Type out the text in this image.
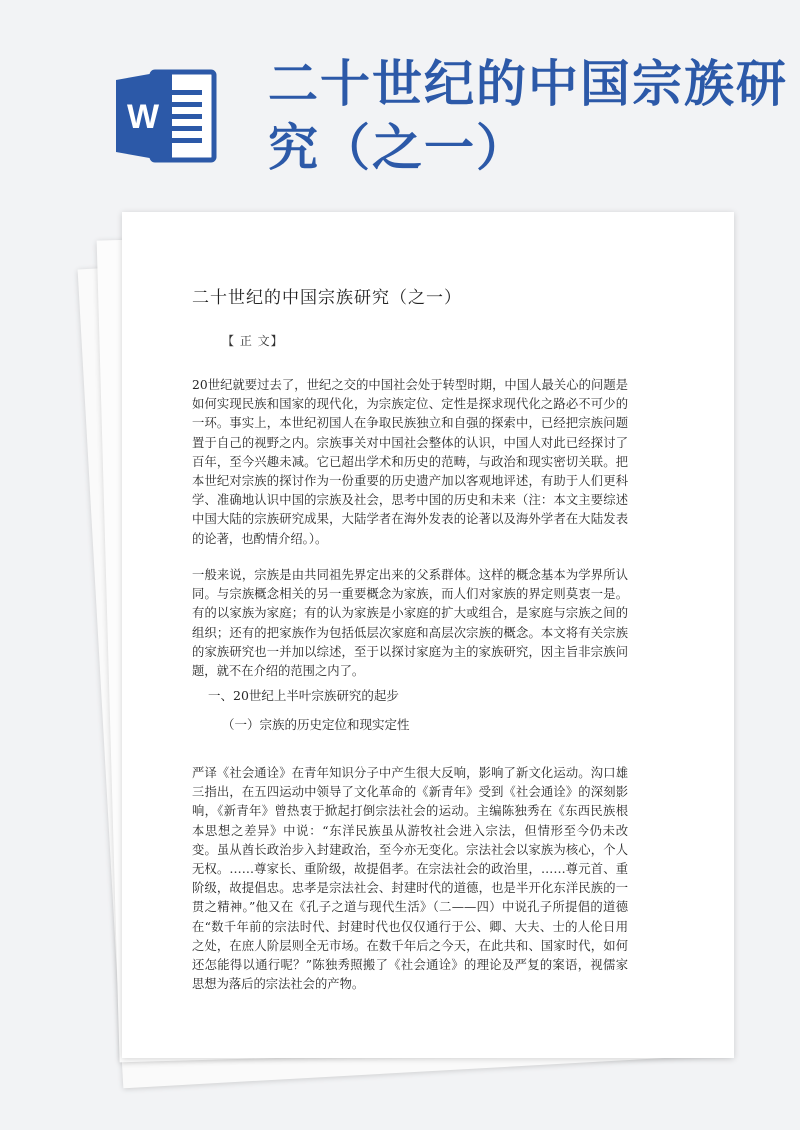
W
二十世纪的中国宗族研究（之一）
二十世纪的中国宗族研究（之一）
【 正 文】

20世纪就要过去了，世纪之交的中国社会处于转型时期，中国人最关心的问题是如何实现民族和国家的现代化，为宗族定位、定性是探求现代化之路必不可少的一环。事实上，本世纪初国人在争取民族独立和自强的探索中，已经把宗族问题置于自己的视野之内。宗族事关对中国社会整体的认识，中国人对此已经探讨了百年，至今兴趣未减。它已超出学术和历史的范畴，与政治和现实密切关联。把本世纪对宗族的探讨作为一份重要的历史遗产加以客观地评述，有助于人们更科学、准确地认识中国的宗族及社会，思考中国的历史和未来（注：本文主要综述中国大陆的宗族研究成果，大陆学者在海外发表的论著以及海外学者在大陆发表的论著，也酌情介绍。）。

一般来说，宗族是由共同祖先界定出来的父系群体。这样的概念基本为学界所认同。与宗族概念相关的另一重要概念为家族，而人们对家族的界定则莫衷一是。有的以家族为家庭；有的认为家族是小家庭的扩大或组合，是家庭与宗族之间的组织；还有的把家族作为包括低层次家庭和高层次宗族的概念。本文将有关宗族的家族研究也一并加以综述，至于以探讨家庭为主的家族研究，因主旨非宗族问题，就不在介绍的范围之内了。

一、20世纪上半叶宗族研究的起步
（一）宗族的历史定位和现实定性

严译《社会通诠》在青年知识分子中产生很大反响，影响了新文化运动。沟口雄三指出，在五四运动中领导了文化革命的《新青年》受到《社会通诠》的深刻影响，《新青年》曾热衷于掀起打倒宗法社会的运动。主编陈独秀在《东西民族根本思想之差异》中说：“东洋民族虽从游牧社会进入宗法，但情形至今仍未改变。虽从酋长政治步入封建政治，至今亦无变化。宗法社会以家族为核心，个人无权。……尊家长、重阶级，故提倡孝。在宗法社会的政治里，……尊元首、重阶级，故提倡忠。忠孝是宗法社会、封建时代的道德，也是半开化东洋民族的一贯之精神。”他又在《孔子之道与现代生活》（二——四）中说孔子所提倡的道德在“数千年前的宗法时代、封建时代也仅仅通行于公、卿、大夫、士的人伦日用之处，在庶人阶层则全无市场。在数千年后之今天，在此共和、国家时代，如何还怎能得以通行呢？”陈独秀照搬了《社会通诠》的理论及严复的案语，视儒家思想为落后的宗法社会的产物。
